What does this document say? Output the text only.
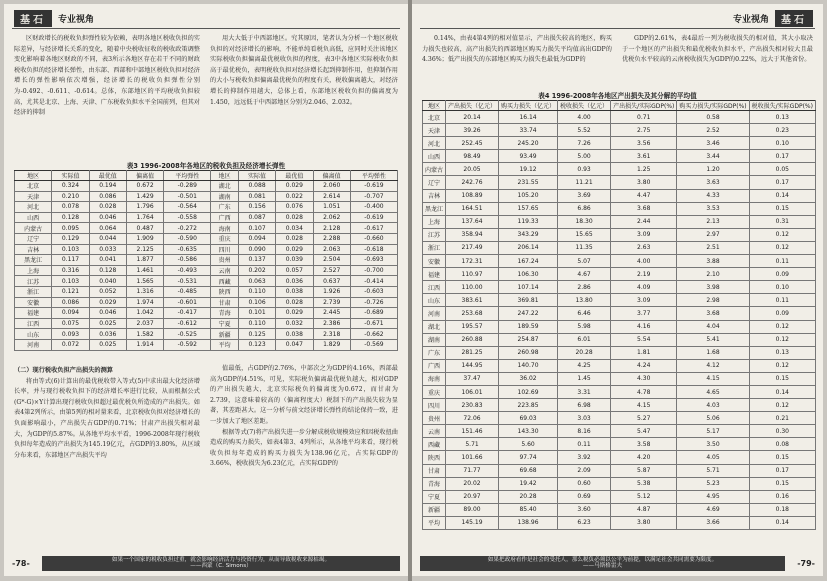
基石	专业视角

区财政增长的税收负担弹性较为依赖，表明各地区税收负担的实际差异，与经济增长关系的变化，随着中央税收征收的税收政策调整变化影响着各地区财政的不同，表3所示各地区存在若干不同的财政税收负担的经济增长弹性，由东部、西部和中部地区税收负担对经济增长的弹性影响依次增强，经济增长的税收负担弹性分别为-0.492、-0.611、-0.614。总体，东部地区的平均税收负担较高，尤其是北京、上海、天津、广东税收负担水平全国前列，但其对经济的抑制

用大大低于中西部地区。究其原因，笔者认为分析一个地区税收负担的对经济增长的影响，不能单纯看税负高低，应同时关注该地区实际税收负担偏离最优税收负担的程度，表3中各地区实际税收负担高于最优税负，表明税收负担对经济增长起到抑制作用，但抑制作用的大小与税收负担偏离最优税负的程度有关，税收偏离越大，对经济增长的抑制作用越大，总体上看，东部地区税收负担的偏离度为1.450，远远低于中西部地区分别为2.046、2.032。

表3 1996-2008年各地区的税收负担及经济增长弹性
地区	实际值	最优值	偏离值	平均弹性	地区	实际值	最优值	偏离值	平均弹性
北京	0.324	0.194	0.672	-0.289	湖北	0.088	0.029	2.060	-0.619
天津	0.210	0.086	1.429	-0.501	湖南	0.081	0.022	2.614	-0.707
河北	0.078	0.028	1.796	-0.564	广东	0.156	0.076	1.051	-0.400
山西	0.128	0.046	1.764	-0.558	广西	0.087	0.028	2.062	-0.619
内蒙古	0.095	0.064	0.487	-0.272	海南	0.107	0.034	2.128	-0.617
辽宁	0.129	0.044	1.909	-0.590	重庆	0.094	0.028	2.288	-0.660
吉林	0.103	0.033	2.125	-0.635	四川	0.090	0.029	2.063	-0.618
黑龙江	0.117	0.041	1.877	-0.586	贵州	0.137	0.039	2.504	-0.693
上海	0.316	0.128	1.461	-0.493	云南	0.202	0.057	2.527	-0.700
江苏	0.103	0.040	1.565	-0.531	西藏	0.063	0.036	0.637	-0.414
浙江	0.121	0.052	1.316	-0.485	陕西	0.110	0.038	1.926	-0.603
安徽	0.086	0.029	1.974	-0.601	甘肃	0.106	0.028	2.739	-0.726
福建	0.094	0.046	1.042	-0.417	青海	0.101	0.029	2.445	-0.689
江西	0.075	0.025	2.037	-0.612	宁夏	0.110	0.032	2.386	-0.671
山东	0.093	0.036	1.582	-0.525	新疆	0.125	0.038	2.318	-0.662
河南	0.072	0.025	1.914	-0.592	平均	0.123	0.047	1.829	-0.569

（二）现行税收负担产出损失的测算

将由等式(6)计算出的最优税收带入等式(5)中求出最大化经济增长率，并与现行税收负担下的经济增长率进行比较，从而根据公式(G*-G)×Y计算出现行税收负担超过最优税负所造成的产出损失。如表4第2列所示，由第5列的相对量来看，北京税收负担对经济增长的负面影响最小，产出损失占GDP的0.71%；甘肃产出损失相对最大，为GDP的5.87%。从各地平均水平看，1996-2008年现行税收负担每年造成的产出损失为145.19亿元，占GDP的3.80%，从区域分布来看，东部地区产出损失平均

值最低，占GDP的2.76%，中部次之为GDP的4.16%，西部最高为GDP的4.51%，可见，实际税负偏离最优税负越大，相对GDP的产出损失越大，北京实际税负的偏离度为0.672，而甘肃为2.739，这意味着较高的（偏离程度大）税制下的产出损失较为显著，其差距甚大。这一分析与前文经济增长弹性的结论保持一致，进一步加大了地区差距。

根据等式(7)将产出损失进一步分解成税收规模效应和因税收扭曲造成的购买力损失，如表4第3、4列所示，从各地平均来看，现行税收负担每年造成的购买力损失为138.96亿元，占实际GDP的3.66%，税收损失为6.23亿元，占实际GDP的

-78-	如果一个国家的税收负担过重，就会影响经济活力与投资行为，从而导致税收来源枯竭。
——西蒙（C. Simons）
专业视角	基石

0.14%，由表4第4列的相对值显示，产出损失较高的地区，购买力损失也较高，高产出损失的西部地区购买力损失平均值高出GDP的4.36%；低产出损失的东部地区购买力损失也最低为GDP的

GDP的2.61%，表4最后一列为税收损失的相对值，其大小取决于一个地区的产出损失和最优税收负担水平，产出损失相对较大且最优税负水平较高的云南税收损失为GDP的0.22%，远大于其他省份。

表4 1996-2008年各地区产出损失及其分解的平均值
地区	产出损失（亿元）	购买力损失（亿元）	税收损失（亿元）	产出损失/实际GDP(%)	购买力损失/实际GDP(%)	税收损失/实际GDP(%)
北京	20.14	16.14	4.00	0.71	0.58	0.13
天津	39.26	33.74	5.52	2.75	2.52	0.23
河北	252.45	245.20	7.26	3.56	3.46	0.10
山西	98.49	93.49	5.00	3.61	3.44	0.17
内蒙古	20.05	19.12	0.93	1.25	1.20	0.05
辽宁	242.76	231.55	11.21	3.80	3.63	0.17
吉林	108.89	105.20	3.69	4.47	4.33	0.14
黑龙江	164.51	157.65	6.86	3.68	3.53	0.15
上海	137.64	119.33	18.30	2.44	2.13	0.31
江苏	358.94	343.29	15.65	3.09	2.97	0.12
浙江	217.49	206.14	11.35	2.63	2.51	0.12
安徽	172.31	167.24	5.07	4.00	3.88	0.11
福建	110.97	106.30	4.67	2.19	2.10	0.09
江西	110.00	107.14	2.86	4.09	3.98	0.10
山东	383.61	369.81	13.80	3.09	2.98	0.11
河南	253.68	247.22	6.46	3.77	3.68	0.09
湖北	195.57	189.59	5.98	4.16	4.04	0.12
湖南	260.88	254.87	6.01	5.54	5.41	0.12
广东	281.25	260.98	20.28	1.81	1.68	0.13
广西	144.95	140.70	4.25	4.24	4.12	0.12
海南	37.47	36.02	1.45	4.30	4.15	0.15
重庆	106.01	102.69	3.31	4.78	4.65	0.14
四川	230.83	223.85	6.98	4.15	4.03	0.12
贵州	72.06	69.03	3.03	5.27	5.06	0.21
云南	151.46	143.30	8.16	5.47	5.17	0.30
西藏	5.71	5.60	0.11	3.58	3.50	0.08
陕西	101.66	97.74	3.92	4.20	4.05	0.15
甘肃	71.77	69.68	2.09	5.87	5.71	0.17
青海	20.02	19.42	0.60	5.38	5.23	0.15
宁夏	20.97	20.28	0.69	5.12	4.95	0.16
新疆	89.00	85.40	3.60	4.87	4.69	0.18
平均	145.19	138.96	6.23	3.80	3.66	0.14
如果把政府看作是社会的受托人，那么税负必须以公平为前提，以满足社会共同需要为限度。
——马斯格雷夫	-79-
